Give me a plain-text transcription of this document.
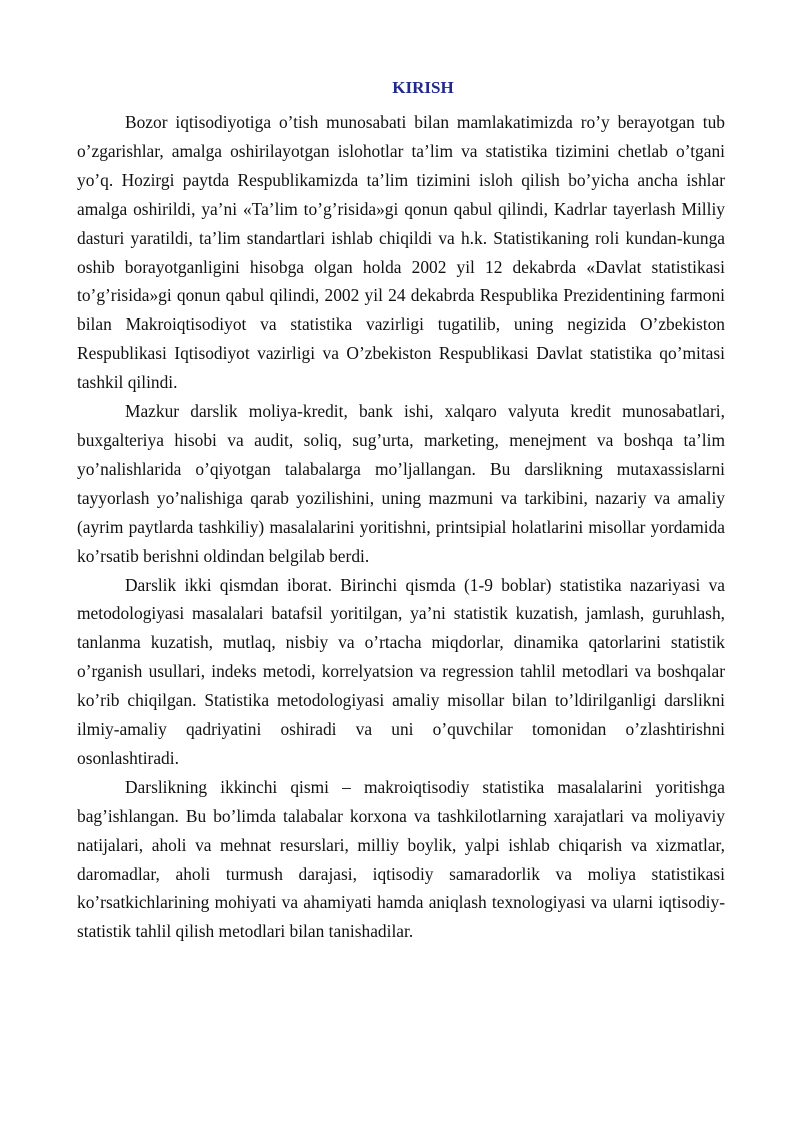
KIRISH

Bozor iqtisodiyotiga o’tish munosabati bilan mamlakatimizda ro’y berayotgan tub o’zgarishlar, amalga oshirilayotgan islohotlar ta’lim va statistika tizimini chetlab o’tgani yo’q. Hozirgi paytda Respublikamizda ta’lim tizimini isloh qilish bo’yicha ancha ishlar amalga oshirildi, ya’ni «Ta’lim to’g’risida»gi qonun qabul qilindi, Kadrlar tayerlash Milliy dasturi yaratildi, ta’lim standartlari ishlab chiqildi va h.k. Statistikaning roli kundan-kunga oshib borayotganligini hisobga olgan holda 2002 yil 12 dekabrda «Davlat statistikasi to’g’risida»gi qonun qabul qilindi, 2002 yil 24 dekabrda Respublika Prezidentining farmoni bilan Makroiqtisodiyot va statistika vazirligi tugatilib, uning negizida O’zbekiston Respublikasi Iqtisodiyot vazirligi va O’zbekiston Respublikasi Davlat statistika qo’mitasi tashkil qilindi.

Mazkur darslik moliya-kredit, bank ishi, xalqaro valyuta kredit munosabatlari, buxgalteriya hisobi va audit, soliq, sug’urta, marketing, menejment va boshqa ta’lim yo’nalishlarida o’qiyotgan talabalarga mo’ljallangan. Bu darslikning mutaxassislarni tayyorlash yo’nalishiga qarab yozilishini, uning mazmuni va tarkibini, nazariy va amaliy (ayrim paytlarda tashkiliy) masalalarini yoritishni, printsipial holatlarini misollar yordamida ko’rsatib berishni oldindan belgilab berdi.

Darslik ikki qismdan iborat. Birinchi qismda (1-9 boblar) statistika nazariyasi va metodologiyasi masalalari batafsil yoritilgan, ya’ni statistik kuzatish, jamlash, guruhlash, tanlanma kuzatish, mutlaq, nisbiy va o’rtacha miqdorlar, dinamika qatorlarini statistik o’rganish usullari, indeks metodi, korrelyatsion va regression tahlil metodlari va boshqalar ko’rib chiqilgan. Statistika metodologiyasi amaliy misollar bilan to’ldirilganligi darslikni ilmiy-amaliy qadriyatini oshiradi va uni o’quvchilar tomonidan o’zlashtirishni osonlashtiradi.

Darslikning ikkinchi qismi – makroiqtisodiy statistika masalalarini yoritishga bag’ishlangan. Bu bo’limda talabalar korxona va tashkilotlarning xarajatlari va moliyaviy natijalari, aholi va mehnat resurslari, milliy boylik, yalpi ishlab chiqarish va xizmatlar, daromadlar, aholi turmush darajasi, iqtisodiy samaradorlik va moliya statistikasi ko’rsatkichlarining mohiyati va ahamiyati hamda aniqlash texnologiyasi va ularni iqtisodiy-statistik tahlil qilish metodlari bilan tanishadilar.
